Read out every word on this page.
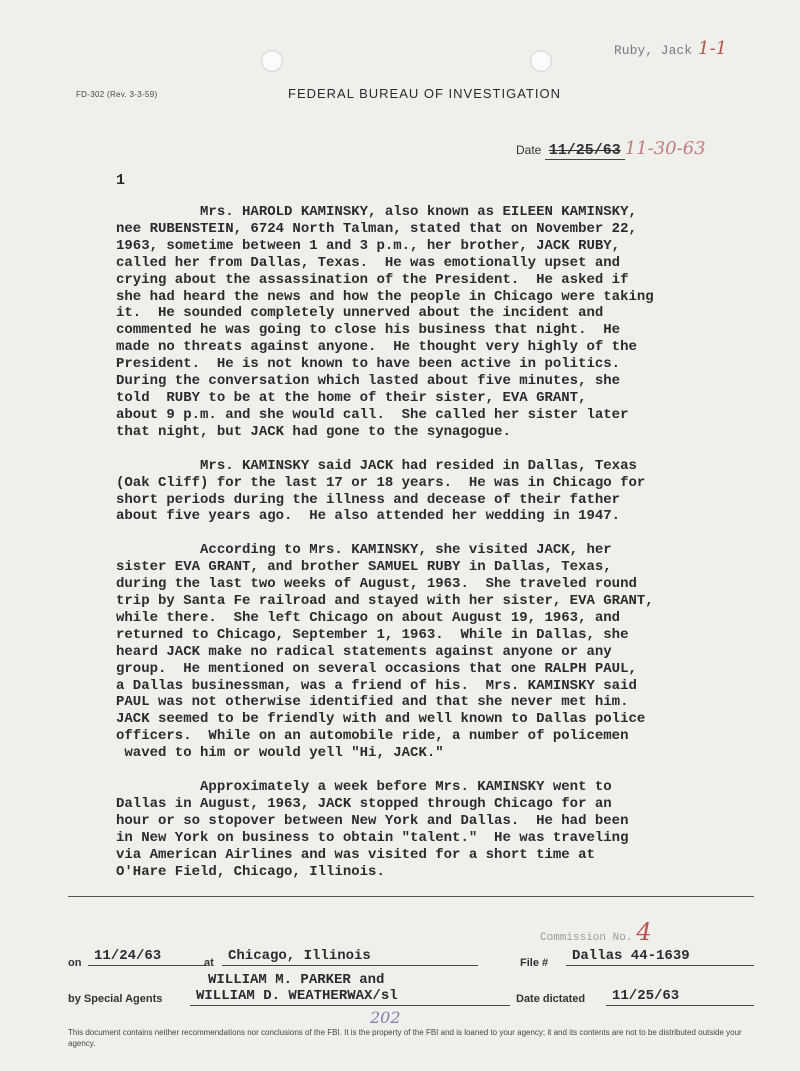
Ruby, Jack 1-1
FD-302 (Rev. 3-3-59)	FEDERAL BUREAU OF INVESTIGATION
Date 11/25/63 11-30-63
1

Mrs. HAROLD KAMINSKY, also known as EILEEN KAMINSKY,
nee RUBENSTEIN, 6724 North Talman, stated that on November 22,
1963, sometime between 1 and 3 p.m., her brother, JACK RUBY,
called her from Dallas, Texas.  He was emotionally upset and
crying about the assassination of the President.  He asked if
she had heard the news and how the people in Chicago were taking
it.  He sounded completely unnerved about the incident and
commented he was going to close his business that night.  He
made no threats against anyone.  He thought very highly of the
President.  He is not known to have been active in politics.
During the conversation which lasted about five minutes, she
told  RUBY to be at the home of their sister, EVA GRANT,
about 9 p.m. and she would call.  She called her sister later
that night, but JACK had gone to the synagogue.

Mrs. KAMINSKY said JACK had resided in Dallas, Texas
(Oak Cliff) for the last 17 or 18 years.  He was in Chicago for
short periods during the illness and decease of their father
about five years ago.  He also attended her wedding in 1947.

According to Mrs. KAMINSKY, she visited JACK, her
sister EVA GRANT, and brother SAMUEL RUBY in Dallas, Texas,
during the last two weeks of August, 1963.  She traveled round
trip by Santa Fe railroad and stayed with her sister, EVA GRANT,
while there.  She left Chicago on about August 19, 1963, and
returned to Chicago, September 1, 1963.  While in Dallas, she
heard JACK make no radical statements against anyone or any
group.  He mentioned on several occasions that one RALPH PAUL,
a Dallas businessman, was a friend of his.  Mrs. KAMINSKY said
PAUL was not otherwise identified and that she never met him.
JACK seemed to be friendly with and well known to Dallas police
officers.  While on an automobile ride, a number of policemen
waved to him or would yell "Hi, JACK."

Approximately a week before Mrs. KAMINSKY went to
Dallas in August, 1963, JACK stopped through Chicago for an
hour or so stopover between New York and Dallas.  He had been
in New York on business to obtain "talent."  He was traveling
via American Airlines and was visited for a short time at
O'Hare Field, Chicago, Illinois.

Commission No. 4
on 11/24/63	at	Chicago, Illinois	File #	Dallas 44-1639
WILLIAM M. PARKER and
by Special Agents	WILLIAM D. WEATHERWAX/sl	Date dictated	11/25/63
202
This document contains neither recommendations nor conclusions of the FBI. It is the property of the FBI and is loaned to your agency; it and its contents are not to be distributed outside your agency.
